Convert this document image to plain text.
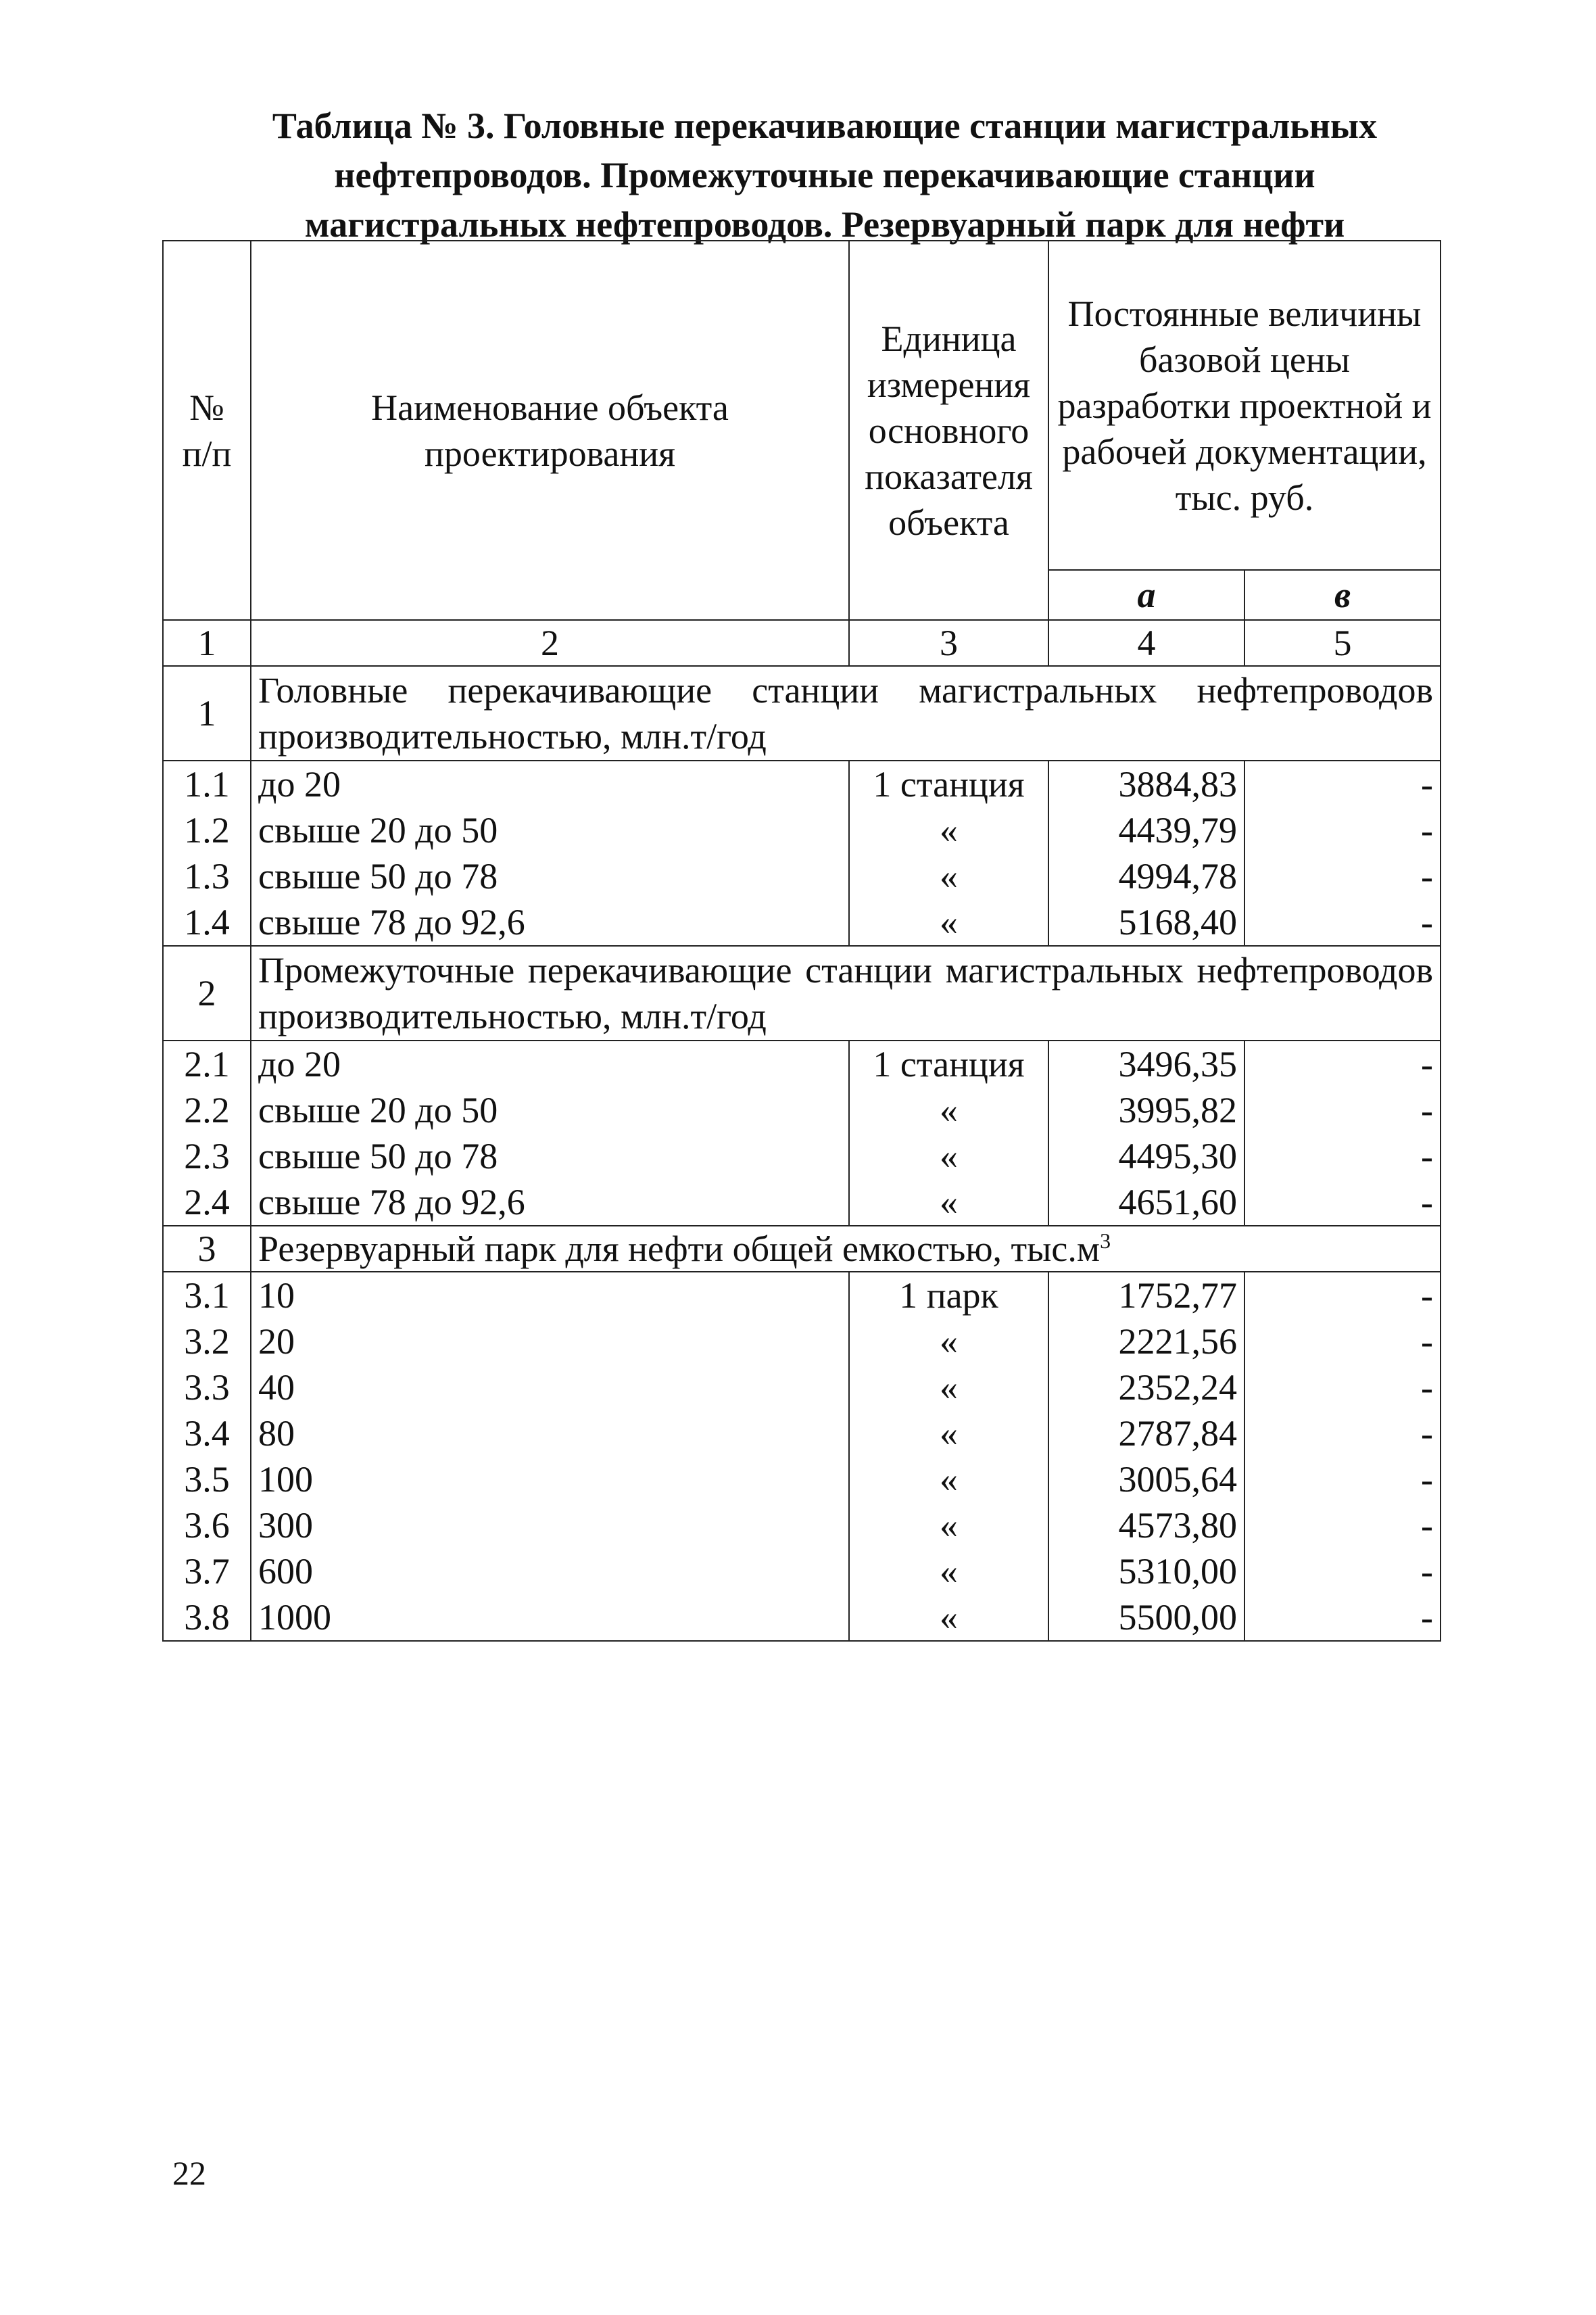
Таблица № 3. Головные перекачивающие станции магистральных
нефтепроводов. Промежуточные перекачивающие станции
магистральных нефтепроводов. Резервуарный парк для нефти
№ п/п	Наименование объекта проектирования	Единица измерения основного показателя объекта	Постоянные величины базовой цены разработки проектной и рабочей документации, тыс. руб.	
			а	в
1	2	3	4	5
1	Головные перекачивающие станции магистральных нефтепроводов производительностью, млн.т/год			
1.1	до 20	1 станция	3884,83	-
1.2	свыше 20 до 50	«	4439,79	-
1.3	свыше 50 до 78	«	4994,78	-
1.4	свыше 78 до 92,6	«	5168,40	-
2	Промежуточные перекачивающие станции магистральных нефтепроводов производительностью, млн.т/год			
2.1	до 20	1 станция	3496,35	-
2.2	свыше 20 до 50	«	3995,82	-
2.3	свыше 50 до 78	«	4495,30	-
2.4	свыше 78 до 92,6	«	4651,60	-
3	Резервуарный парк для нефти общей емкостью, $тыс.м^3$
3.1	10	1 парк	1752,77	-
3.2	20	«	2221,56	-
3.3	40	«	2352,24	-
3.4	80	«	2787,84	-
3.5	100	«	3005,64	-
3.6	300	«	4573,80	-
3.7	600	«	5310,00	-
3.8	1000	«	5500,00	-
22
